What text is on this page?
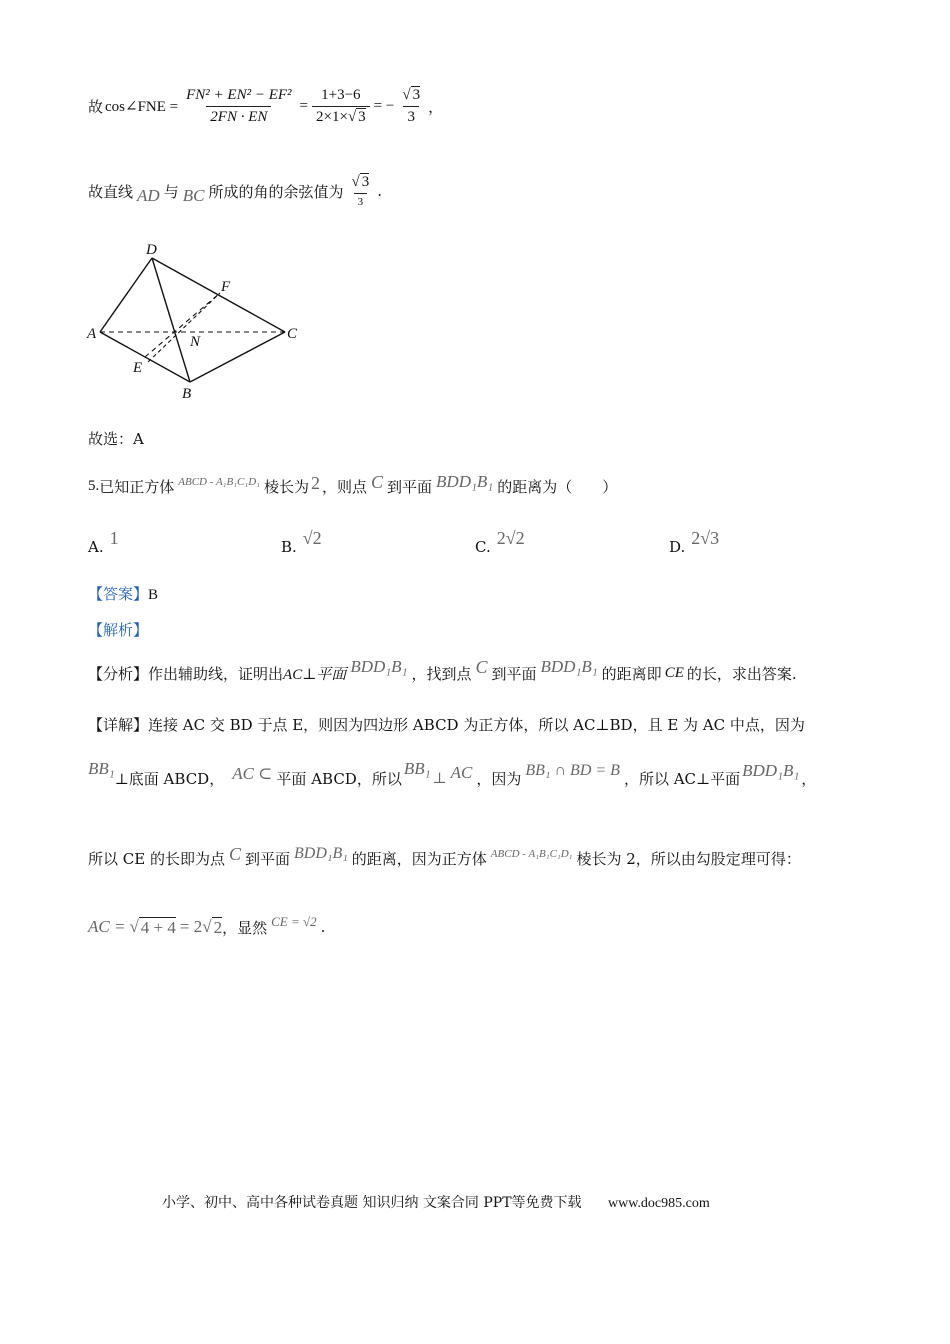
故 cos∠FNE = $\frac{\text{FN² + EN² − EF²}}{2FN \cdot EN} = \frac{1+3-6}{2\times 1\times√ 3}$ = − $\frac{√ 3}{3}$ ，
故直线 AD 与 BC 所成的角的余弦值为 $\frac{√ 3}{3}$ .
D
F
A	N	C
E
B
故选：A
5. 已知正方体 ABCD - A₁B₁C₁D₁ 棱长为 2 ，则点 C 到平面 BDD₁B₁ 的距离为（　　）
A. 1	B. √2	C. 2√2	D. 2√3
【答案】B
【解析】
【分析】 作出辅助线，证明出 AC⊥平面 BDD₁B₁ ，找到点 C 到平面 BDD₁B₁ 的距离即 CE 的长，求出答案.
【详解】连接 AC 交 BD 于点 E，则因为四边形 ABCD 为正方体，所以 AC⊥BD，且 E 为 AC 中点，因为
BB₁
⊥底面 ABCD， AC ⊂ 平面 ABCD，所以
BB₁
⊥ AC ，因为 BB₁ ∩ BD = B ，所以 AC⊥平面 BDD₁B₁ ，
所以 CE 的长即为点 C 到平面 BDD₁B₁ 的距离，因为正方体 ABCD - A₁B₁C₁D₁ 棱长为 2，所以由勾股定理可得：
AC = √ 4 + 4 = 2 √ 2 ，显然 CE = √2 .
小学、初中、高中各种试卷真题 知识归纳 文案合同 PPT等免费下载 www.doc985.com
